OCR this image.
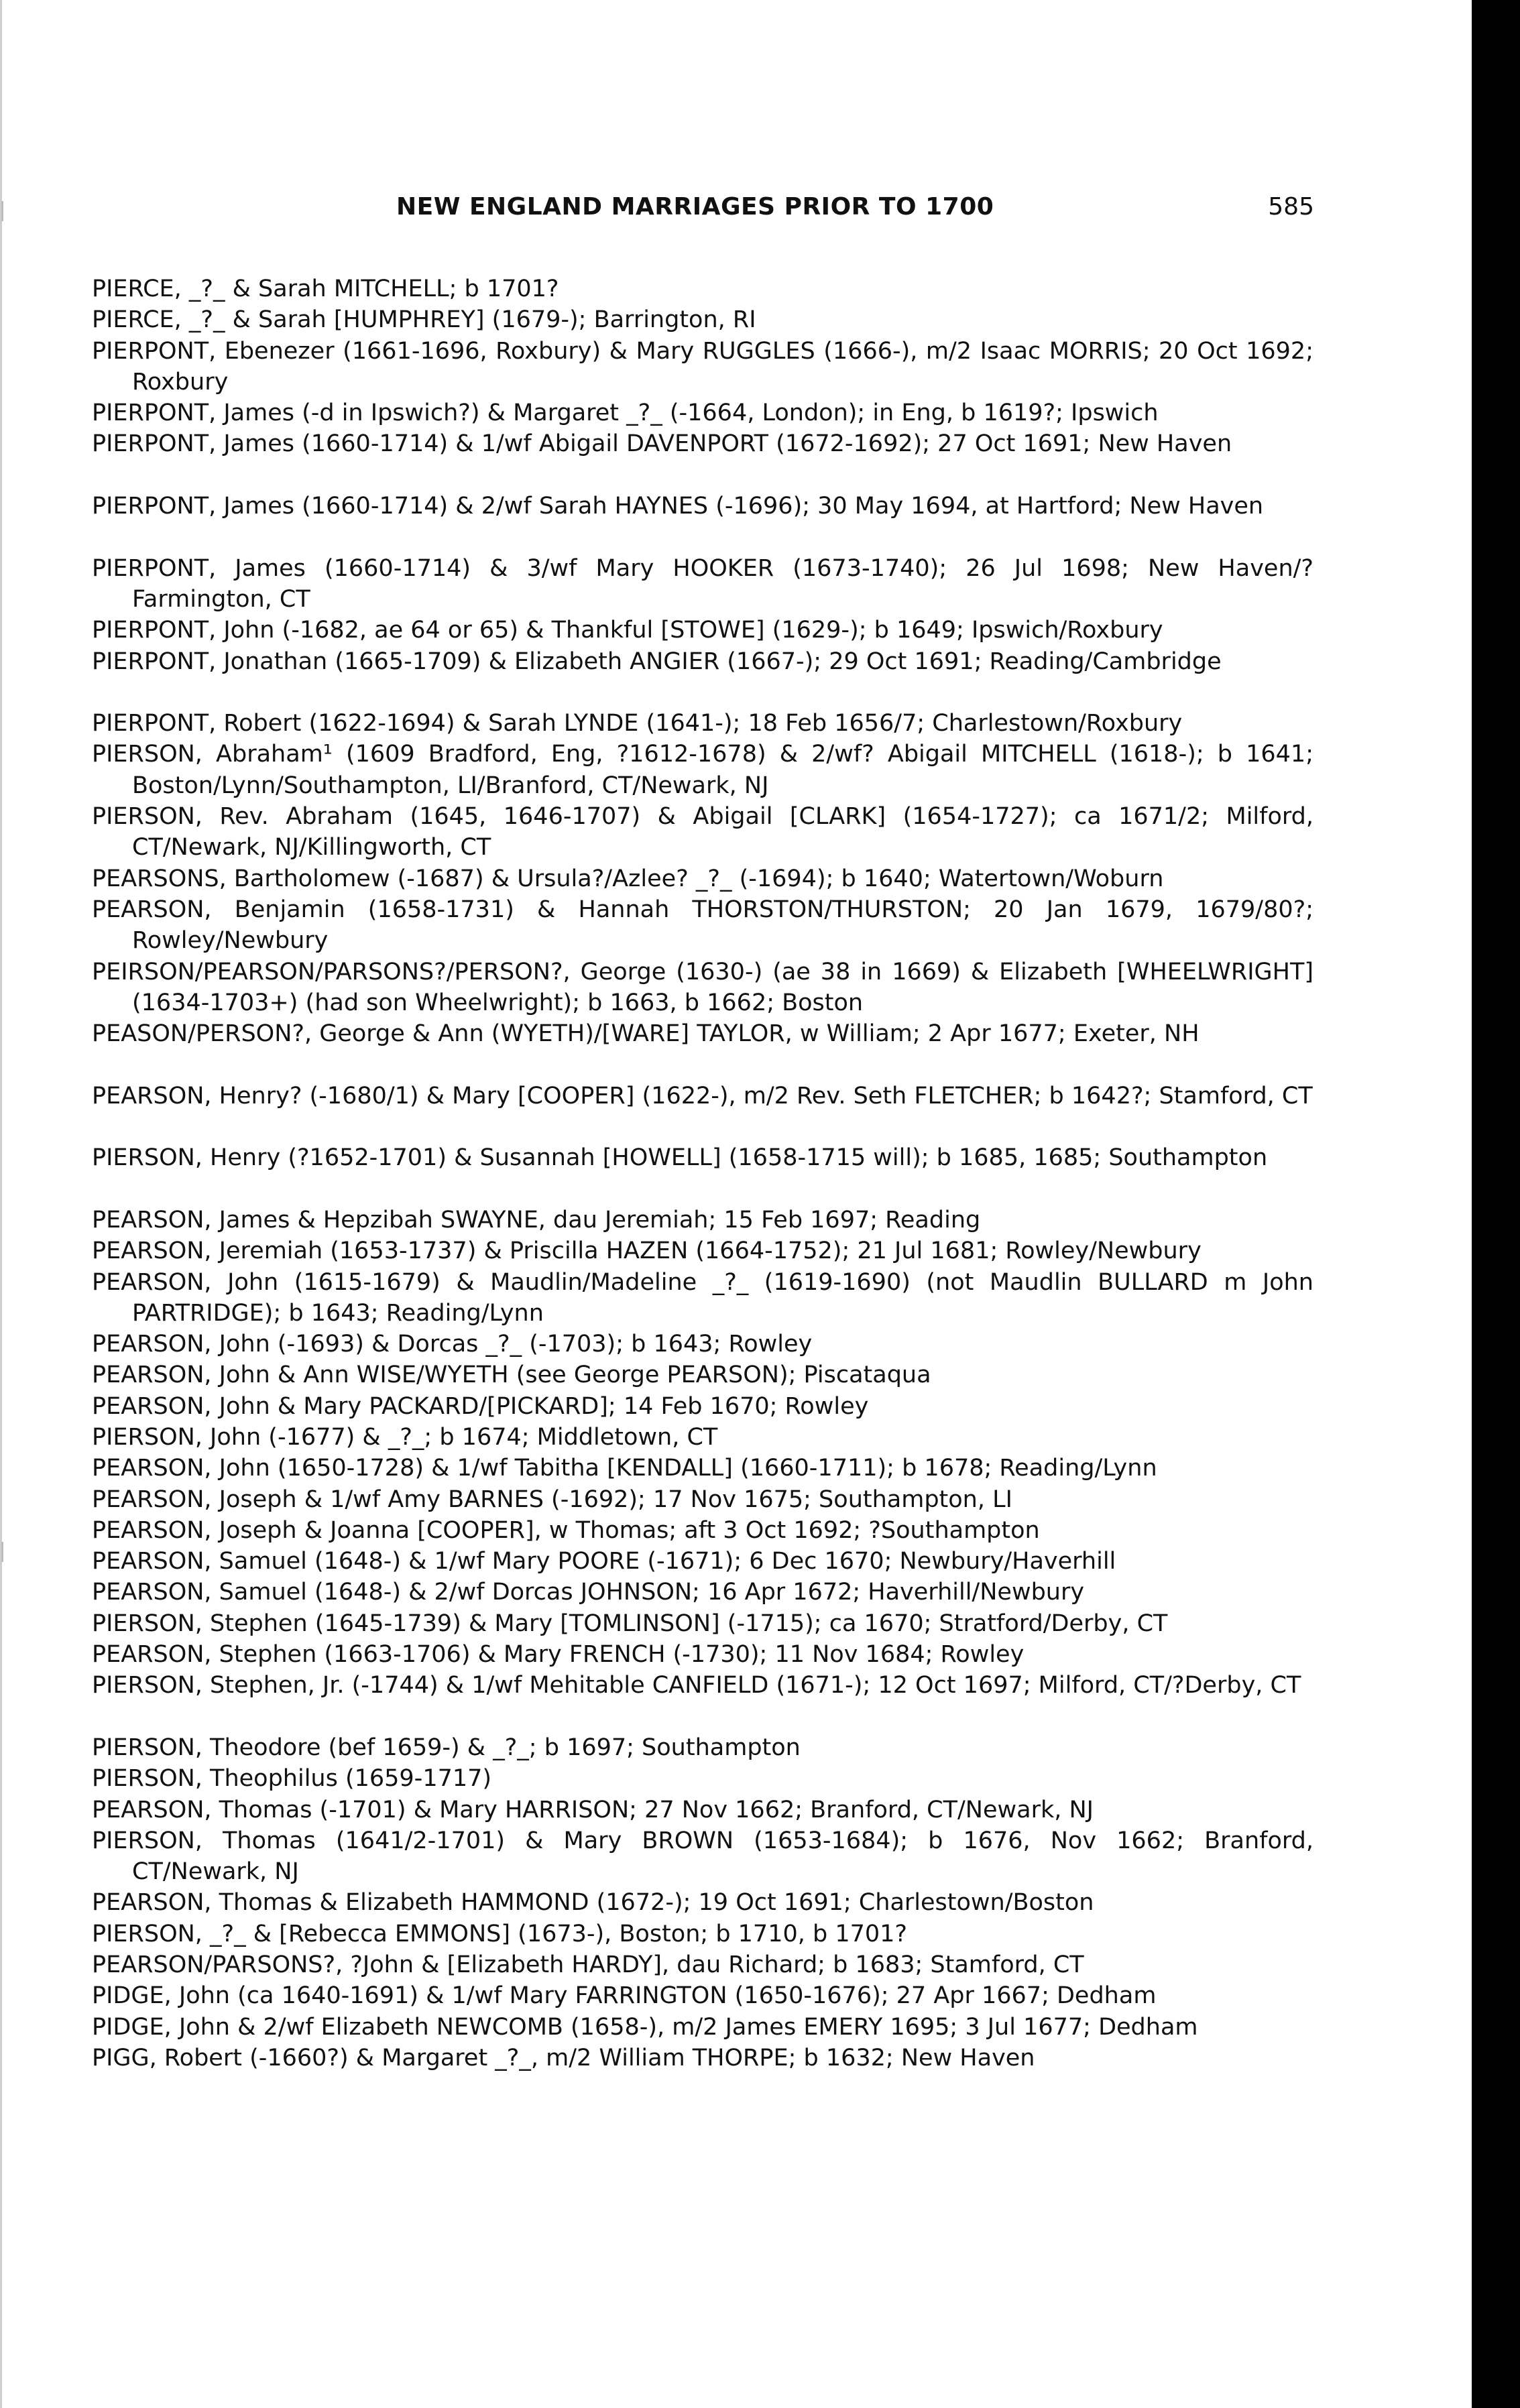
NEW ENGLAND MARRIAGES PRIOR TO 1700	585

PIERCE, _?_ & Sarah MITCHELL; b 1701?

PIERCE, _?_ & Sarah [HUMPHREY] (1679-); Barrington, RI

PIERPONT, Ebenezer (1661-1696, Roxbury) & Mary RUGGLES (1666-), m/2 Isaac MORRIS; 20 Oct 1692; Roxbury

PIERPONT, James (-d in Ipswich?) & Margaret _?_ (-1664, London); in Eng, b 1619?; Ipswich

PIERPONT, James (1660-1714) & 1/wf Abigail DAVENPORT (1672-1692); 27 Oct 1691; New Haven

PIERPONT, James (1660-1714) & 2/wf Sarah HAYNES (-1696); 30 May 1694, at Hartford; New Haven

PIERPONT, James (1660-1714) & 3/wf Mary HOOKER (1673-1740); 26 Jul 1698; New Haven/?Farmington, CT

PIERPONT, John (-1682, ae 64 or 65) & Thankful [STOWE] (1629-); b 1649; Ipswich/Roxbury

PIERPONT, Jonathan (1665-1709) & Elizabeth ANGIER (1667-); 29 Oct 1691; Reading/Cambridge

PIERPONT, Robert (1622-1694) & Sarah LYNDE (1641-); 18 Feb 1656/7; Charlestown/Roxbury

PIERSON, Abraham¹ (1609 Bradford, Eng, ?1612-1678) & 2/wf? Abigail MITCHELL (1618-); b 1641; Boston/Lynn/Southampton, LI/Branford, CT/Newark, NJ

PIERSON, Rev. Abraham (1645, 1646-1707) & Abigail [CLARK] (1654-1727); ca 1671/2; Milford, CT/Newark, NJ/Killingworth, CT

PEARSONS, Bartholomew (-1687) & Ursula?/Azlee? _?_ (-1694); b 1640; Watertown/Woburn

PEARSON, Benjamin (1658-1731) & Hannah THORSTON/THURSTON; 20 Jan 1679, 1679/80?; Rowley/Newbury

PEIRSON/PEARSON/PARSONS?/PERSON?, George (1630-) (ae 38 in 1669) & Elizabeth [WHEELWRIGHT] (1634-1703+) (had son Wheelwright); b 1663, b 1662; Boston

PEASON/PERSON?, George & Ann (WYETH)/[WARE] TAYLOR, w William; 2 Apr 1677; Exeter, NH

PEARSON, Henry? (-1680/1) & Mary [COOPER] (1622-), m/2 Rev. Seth FLETCHER; b 1642?; Stamford, CT

PIERSON, Henry (?1652-1701) & Susannah [HOWELL] (1658-1715 will); b 1685, 1685; Southampton

PEARSON, James & Hepzibah SWAYNE, dau Jeremiah; 15 Feb 1697; Reading

PEARSON, Jeremiah (1653-1737) & Priscilla HAZEN (1664-1752); 21 Jul 1681; Rowley/Newbury

PEARSON, John (1615-1679) & Maudlin/Madeline _?_ (1619-1690) (not Maudlin BULLARD m John PARTRIDGE); b 1643; Reading/Lynn

PEARSON, John (-1693) & Dorcas _?_ (-1703); b 1643; Rowley

PEARSON, John & Ann WISE/WYETH (see George PEARSON); Piscataqua

PEARSON, John & Mary PACKARD/[PICKARD]; 14 Feb 1670; Rowley

PIERSON, John (-1677) & _?_; b 1674; Middletown, CT

PEARSON, John (1650-1728) & 1/wf Tabitha [KENDALL] (1660-1711); b 1678; Reading/Lynn

PEARSON, Joseph & 1/wf Amy BARNES (-1692); 17 Nov 1675; Southampton, LI

PEARSON, Joseph & Joanna [COOPER], w Thomas; aft 3 Oct 1692; ?Southampton

PEARSON, Samuel (1648-) & 1/wf Mary POORE (-1671); 6 Dec 1670; Newbury/Haverhill

PEARSON, Samuel (1648-) & 2/wf Dorcas JOHNSON; 16 Apr 1672; Haverhill/Newbury

PIERSON, Stephen (1645-1739) & Mary [TOMLINSON] (-1715); ca 1670; Stratford/Derby, CT

PEARSON, Stephen (1663-1706) & Mary FRENCH (-1730); 11 Nov 1684; Rowley

PIERSON, Stephen, Jr. (-1744) & 1/wf Mehitable CANFIELD (1671-); 12 Oct 1697; Milford, CT/?Derby, CT

PIERSON, Theodore (bef 1659-) & _?_; b 1697; Southampton

PIERSON, Theophilus (1659-1717)

PEARSON, Thomas (-1701) & Mary HARRISON; 27 Nov 1662; Branford, CT/Newark, NJ

PIERSON, Thomas (1641/2-1701) & Mary BROWN (1653-1684); b 1676, Nov 1662; Branford, CT/Newark, NJ

PEARSON, Thomas & Elizabeth HAMMOND (1672-); 19 Oct 1691; Charlestown/Boston

PIERSON, _?_ & [Rebecca EMMONS] (1673-), Boston; b 1710, b 1701?

PEARSON/PARSONS?, ?John & [Elizabeth HARDY], dau Richard; b 1683; Stamford, CT

PIDGE, John (ca 1640-1691) & 1/wf Mary FARRINGTON (1650-1676); 27 Apr 1667; Dedham

PIDGE, John & 2/wf Elizabeth NEWCOMB (1658-), m/2 James EMERY 1695; 3 Jul 1677; Dedham

PIGG, Robert (-1660?) & Margaret _?_, m/2 William THORPE; b 1632; New Haven
